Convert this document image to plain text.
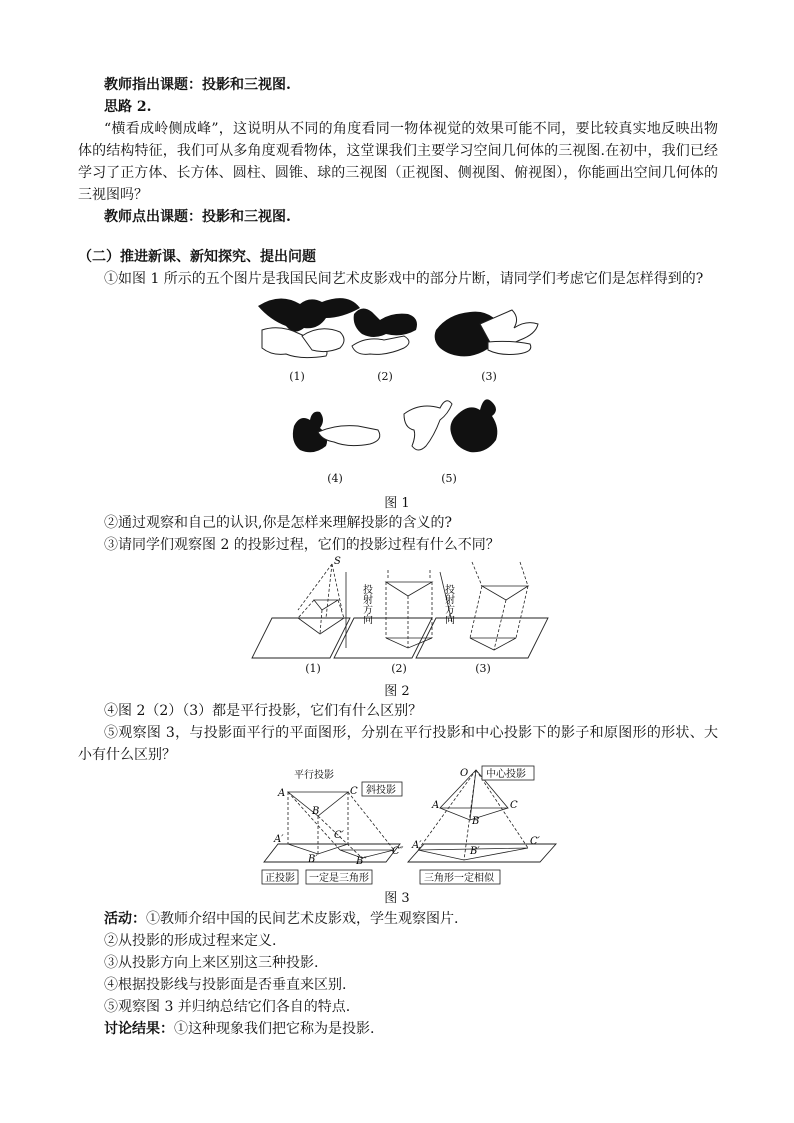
教师指出课题：投影和三视图.
思路 2.
“横看成岭侧成峰”，这说明从不同的角度看同一物体视觉的效果可能不同，要比较真实地反映出物体的结构特征，我们可从多角度观看物体，这堂课我们主要学习空间几何体的三视图.在初中，我们已经学习了正方体、长方体、圆柱、圆锥、球的三视图（正视图、侧视图、俯视图），你能画出空间几何体的三视图吗？
教师点出课题：投影和三视图.
（二）推进新课、新知探究、提出问题
①如图 1 所示的五个图片是我国民间艺术皮影戏中的部分片断，请同学们考虑它们是怎样得到的?
(1)	(2)	(3)
(4)	(5)
图 1
②通过观察和自己的认识,你是怎样来理解投影的含义的?
③请同学们观察图 2 的投影过程，它们的投影过程有什么不同？
S
投射方向	投射方向
(1)	(2)	(3)
图 2
④图 2（2）（3）都是平行投影，它们有什么区别？
⑤观察图 3，与投影面平行的平面图形，分别在平行投影和中心投影下的影子和原图形的形状、大小有什么区别？
平行投影
斜投影
A	C
B
A′	C′
B′	B″
C″
正投影 一定是三角形
O 中心投影
A	C
B
A′	C′
B′
三角形一定相似
图 3
活动：①教师介绍中国的民间艺术皮影戏，学生观察图片.
②从投影的形成过程来定义.
③从投影方向上来区别这三种投影.
④根据投影线与投影面是否垂直来区别.
⑤观察图 3 并归纳总结它们各自的特点.
讨论结果：①这种现象我们把它称为是投影.
